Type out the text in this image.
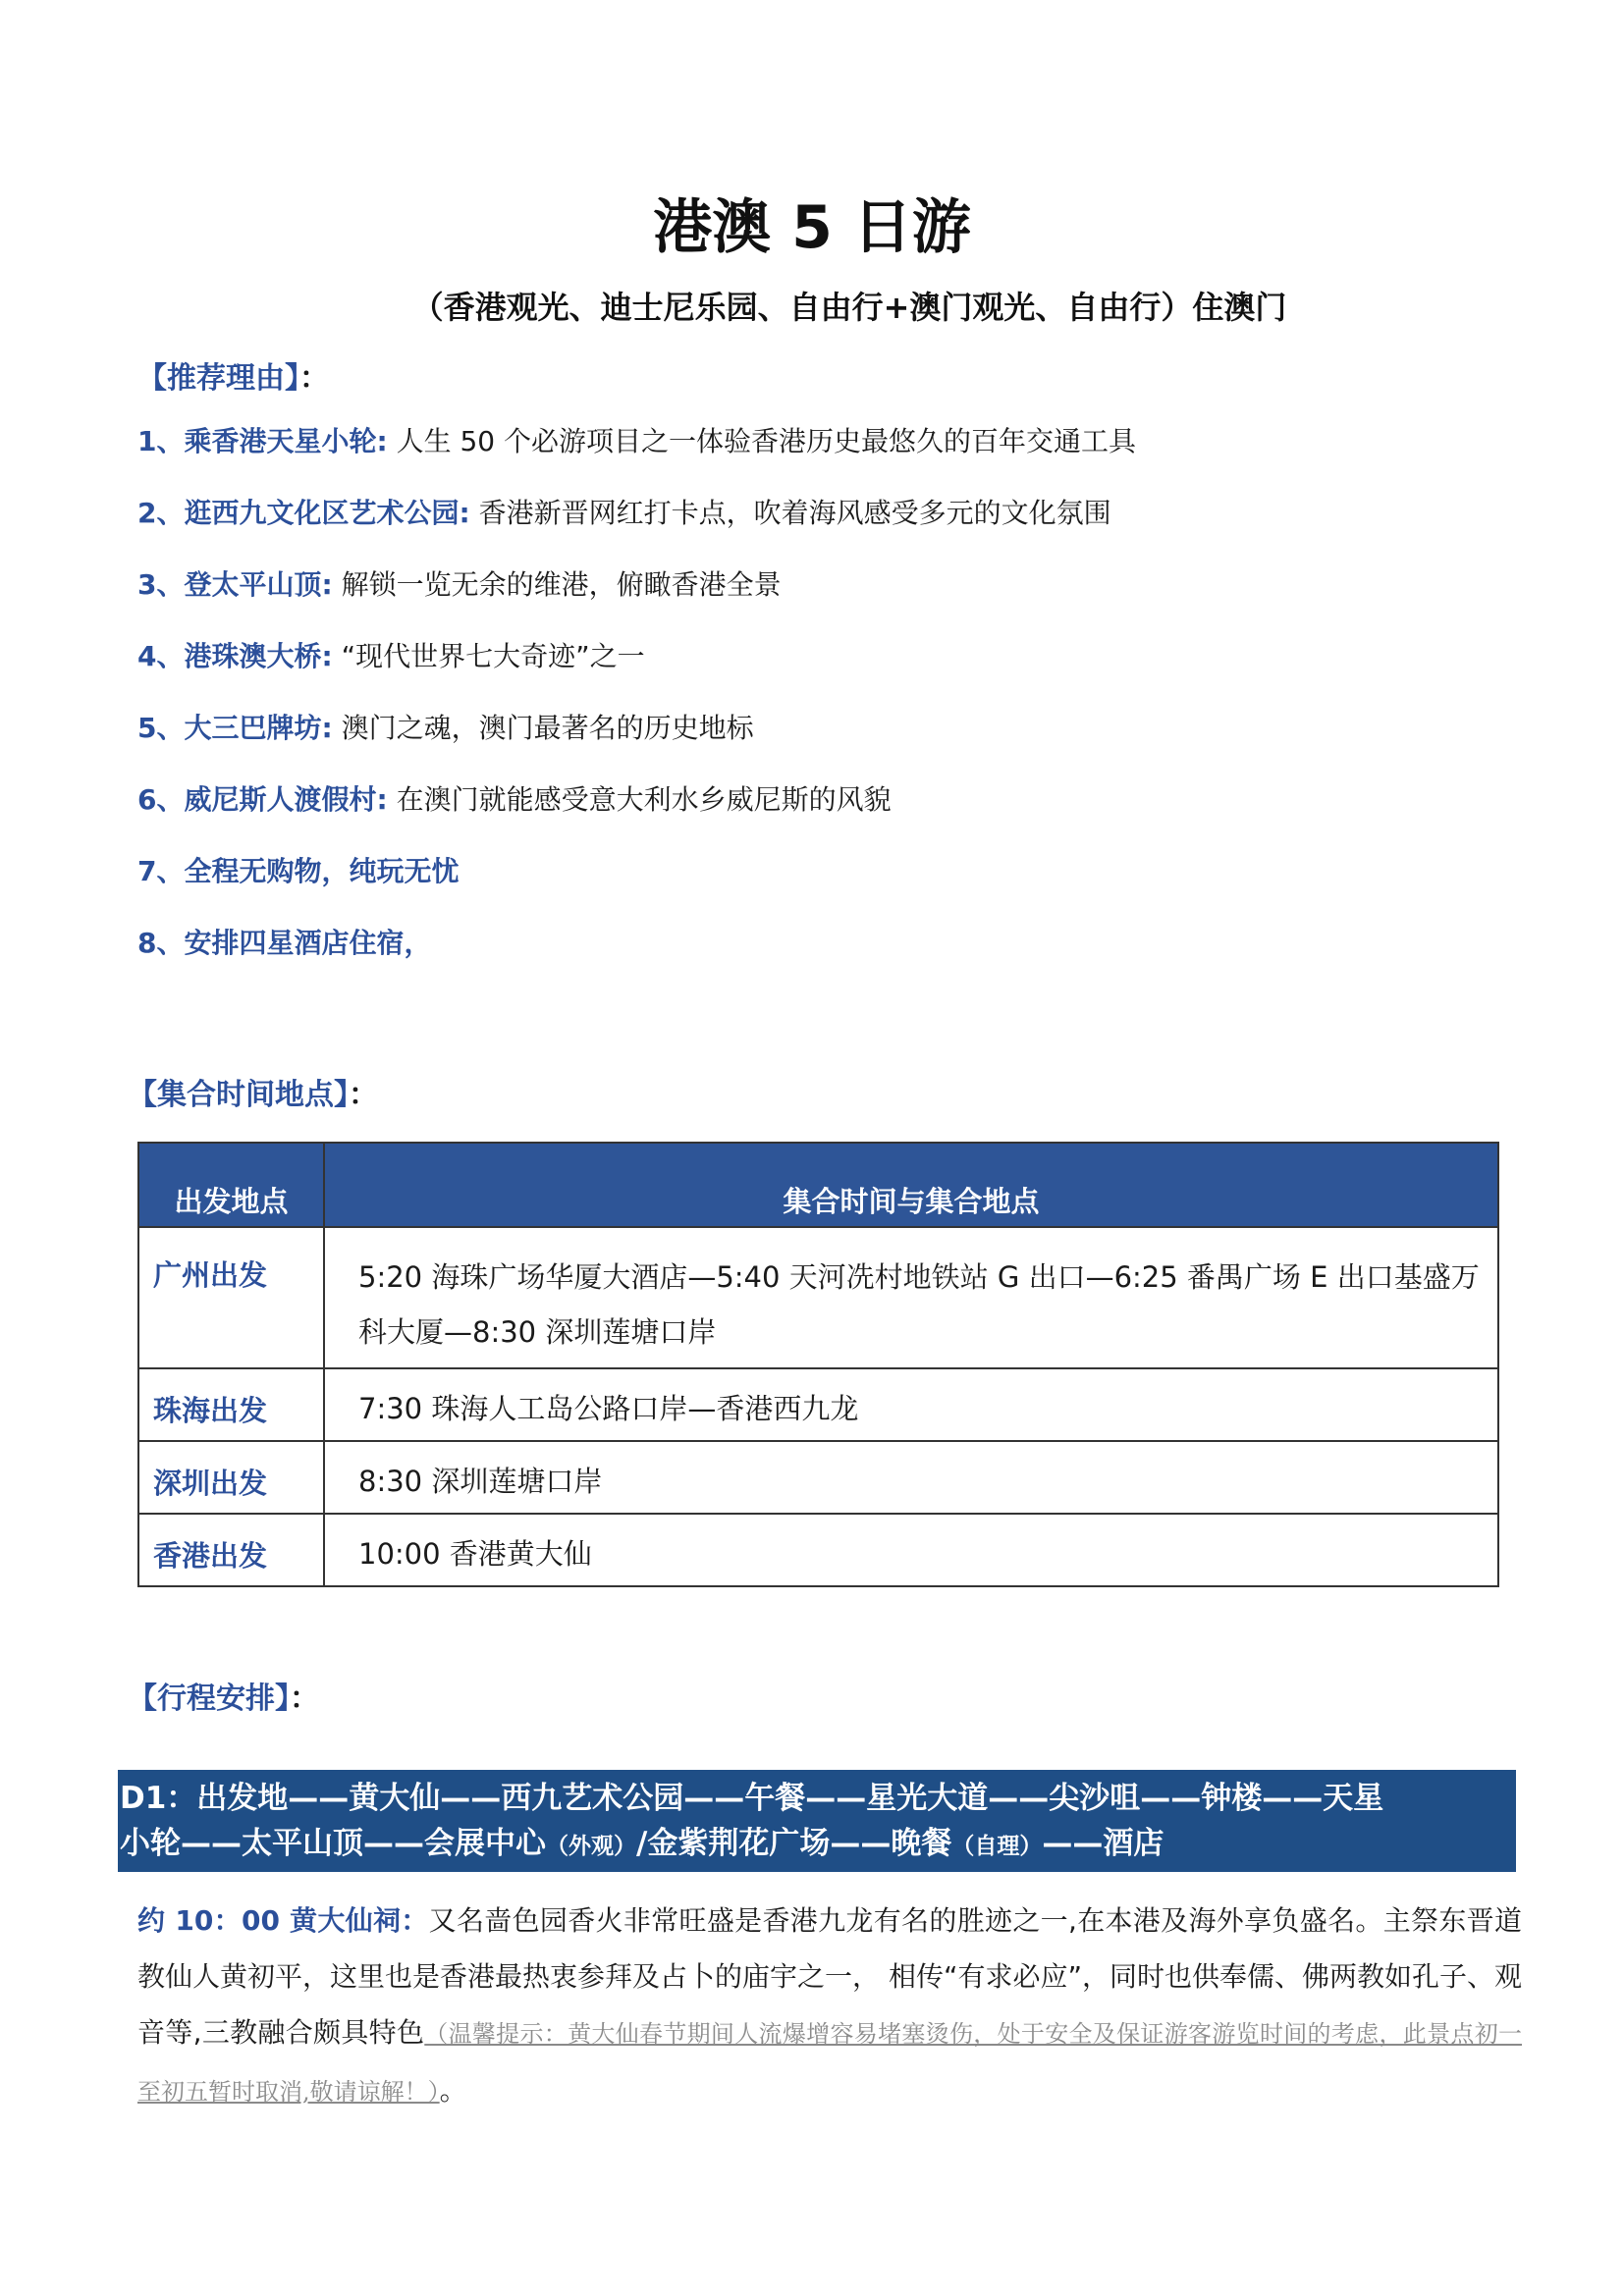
港澳 5 日游
（香港观光、迪士尼乐园、自由行+澳门观光、自由行）住澳门
【推荐理由】：
1、乘香港天星小轮: 人生 50 个必游项目之一体验香港历史最悠久的百年交通工具
2、逛西九文化区艺术公园: 香港新晋网红打卡点，吹着海风感受多元的文化氛围
3、登太平山顶: 解锁一览无余的维港，俯瞰香港全景
4、港珠澳大桥: “现代世界七大奇迹”之一
5、大三巴牌坊: 澳门之魂，澳门最著名的历史地标
6、威尼斯人渡假村: 在澳门就能感受意大利水乡威尼斯的风貌
7、全程无购物，纯玩无忧
8、安排四星酒店住宿，
【集合时间地点】：
出发地点	集合时间与集合地点
广州出发	5:20 海珠广场华厦大酒店—5:40 天河冼村地铁站 G 出口—6:25 番禺广场 E 出口基盛万科大厦—8:30 深圳莲塘口岸
珠海出发	7:30 珠海人工岛公路口岸—香港西九龙
深圳出发	8:30 深圳莲塘口岸
香港出发	10:00 香港黄大仙
【行程安排】：
D1：出发地——黄大仙——西九艺术公园——午餐——星光大道——尖沙咀——钟楼——天星
小轮——太平山顶——会展中心（外观）/金紫荆花广场——晚餐（自理）——酒店
约 10：00 黄大仙祠：又名啬色园香火非常旺盛是香港九龙有名的胜迹之一,在本港及海外享负盛名。主祭东晋道教仙人黄初平，这里也是香港最热衷参拜及占卜的庙宇之一， 相传“有求必应”，同时也供奉儒、佛两教如孔子、观音等,三教融合颇具特色（温馨提示：黄大仙春节期间人流爆增容易堵塞烫伤，处于安全及保证游客游览时间的考虑，此景点初一至初五暂时取消,敬请谅解！）。
